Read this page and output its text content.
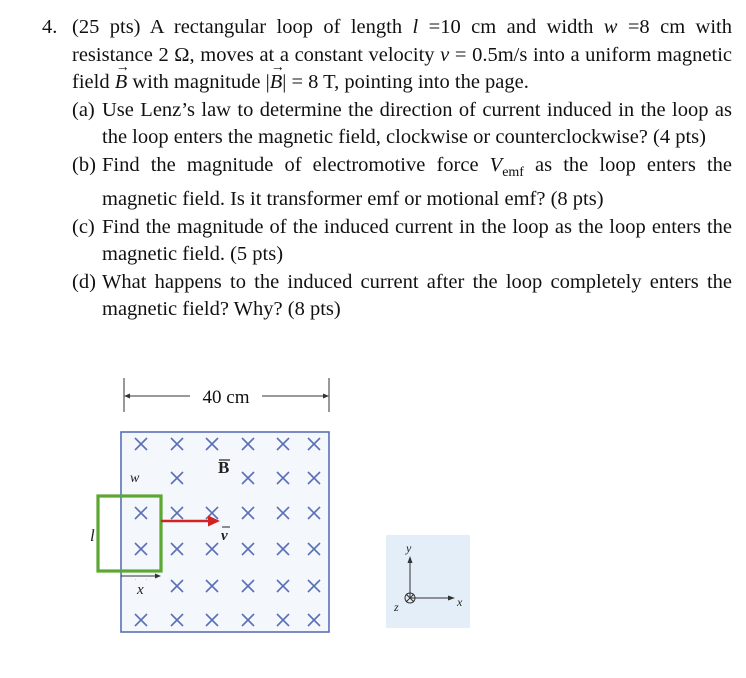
4. (25 pts) A rectangular loop of length l =10 cm and width w =8 cm with resistance 2 Ω, moves at a constant velocity v = 0.5m/s into a uniform magnetic field → B with magnitude |→ B| = 8 T, pointing into the page.

(a) Use Lenz’s law to determine the direction of current induced in the loop as the loop enters the magnetic field, clockwise or counterclockwise? (4 pts)
(b) Find the magnitude of electromotive force $V_{emf}$ as the loop enters the magnetic field. Is it transformer emf or motional emf? (8 pts)
(c) Find the magnitude of the induced current in the loop as the loop enters the magnetic field. (5 pts)
(d) What happens to the induced current after the loop completely enters the magnetic field? Why? (8 pts)
40 cm
B
w
v
l
x
y
x
z
